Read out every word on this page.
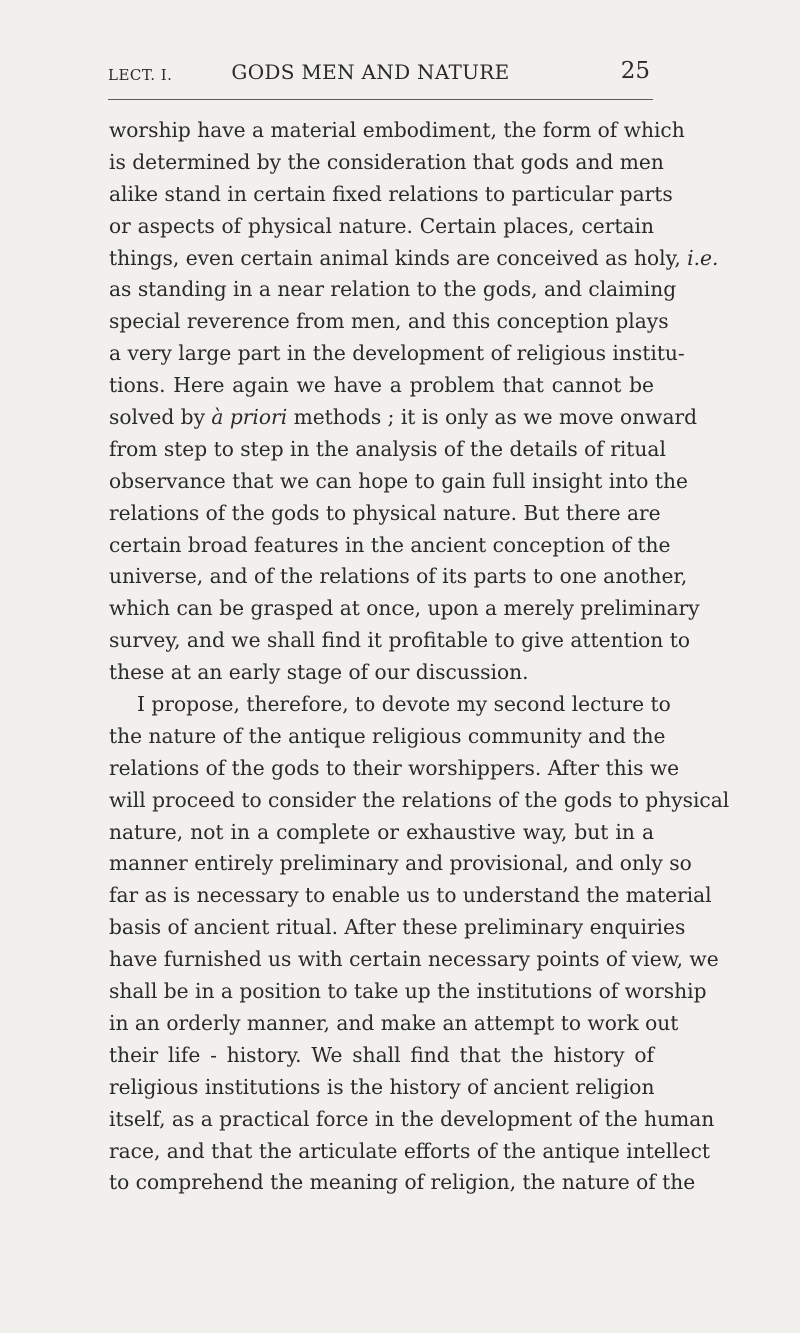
LECT. I.	GODS MEN AND NATURE	25
worship have a material embodiment, the form of which
is determined by the consideration that gods and men
alike stand in certain fixed relations to particular parts
or aspects of physical nature. Certain places, certain
things, even certain animal kinds are conceived as holy, i.e.
as standing in a near relation to the gods, and claiming
special reverence from men, and this conception plays
a very large part in the development of religious institu-
tions. Here again we have a problem that cannot be
solved by à priori methods ; it is only as we move onward
from step to step in the analysis of the details of ritual
observance that we can hope to gain full insight into the
relations of the gods to physical nature. But there are
certain broad features in the ancient conception of the
universe, and of the relations of its parts to one another,
which can be grasped at once, upon a merely preliminary
survey, and we shall find it profitable to give attention to
these at an early stage of our discussion.
I propose, therefore, to devote my second lecture to
the nature of the antique religious community and the
relations of the gods to their worshippers. After this we
will proceed to consider the relations of the gods to physical
nature, not in a complete or exhaustive way, but in a
manner entirely preliminary and provisional, and only so
far as is necessary to enable us to understand the material
basis of ancient ritual. After these preliminary enquiries
have furnished us with certain necessary points of view, we
shall be in a position to take up the institutions of worship
in an orderly manner, and make an attempt to work out
their life - history. We shall find that the history of
religious institutions is the history of ancient religion
itself, as a practical force in the development of the human
race, and that the articulate efforts of the antique intellect
to comprehend the meaning of religion, the nature of the
